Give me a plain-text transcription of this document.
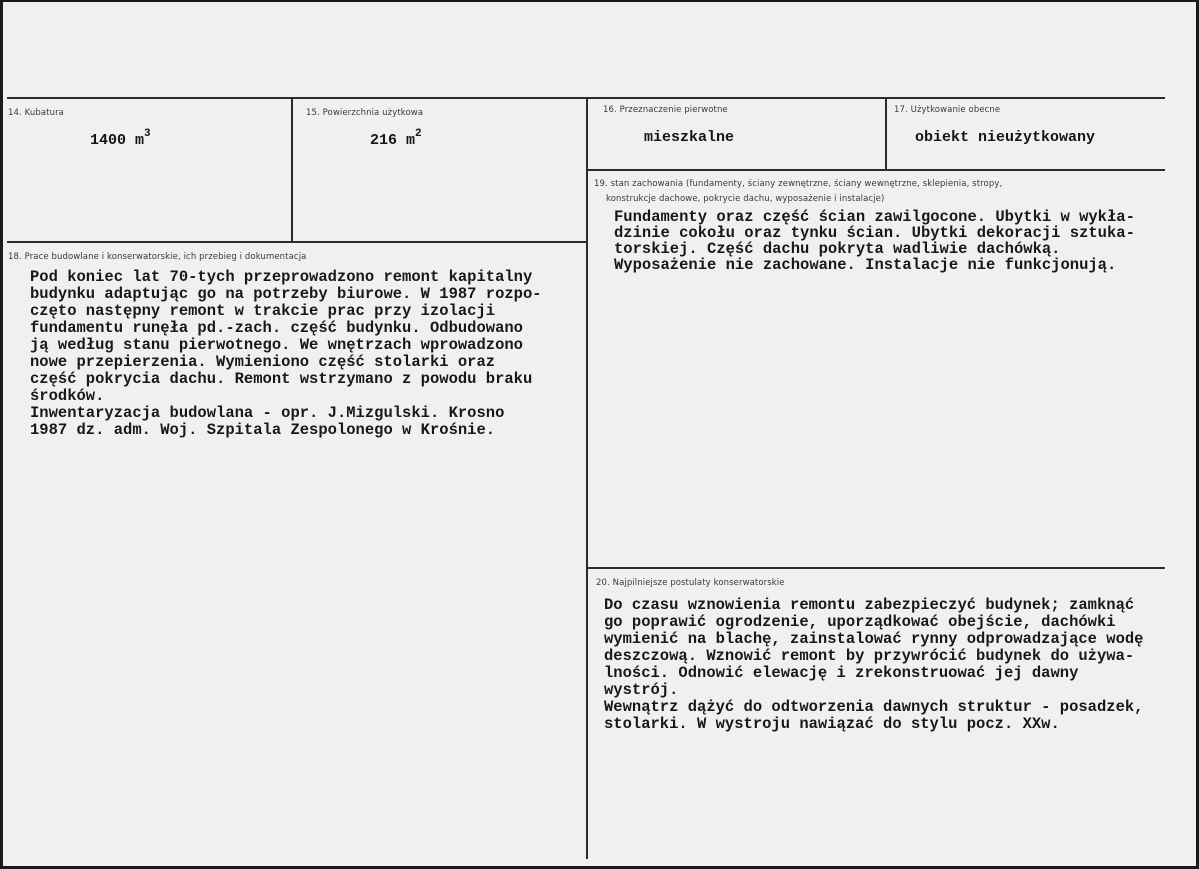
14. Kubatura
1400 $m^3$
15. Powierzchnia użytkowa
216 $m^2$
16. Przeznaczenie pierwotne
mieszkalne
17. Użytkowanie obecne
obiekt nieużytkowany
18. Prace budowlane i konserwatorskie, ich przebieg i dokumentacja
Pod koniec lat 70-tych przeprowadzono remont kapitalny
budynku adaptując go na potrzeby biurowe. W 1987 rozpo-
częto następny remont w trakcie prac przy izolacji
fundamentu runęła pd.-zach. część budynku. Odbudowano
ją według stanu pierwotnego. We wnętrzach wprowadzono
nowe przepierzenia. Wymieniono część stolarki oraz
część pokrycia dachu. Remont wstrzymano z powodu braku
środków.
Inwentaryzacja budowlana - opr. J.Mizgulski. Krosno
1987 dz. adm. Woj. Szpitala Zespolonego w Krośnie.
19. stan zachowania (fundamenty, ściany zewnętrzne, ściany wewnętrzne, sklepienia, stropy,
konstrukcje dachowe, pokrycie dachu, wyposażenie i instalacje)
Fundamenty oraz część ścian zawilgocone. Ubytki w wykła-
dzinie cokołu oraz tynku ścian. Ubytki dekoracji sztuka-
torskiej. Część dachu pokryta wadliwie dachówką.
Wyposażenie nie zachowane. Instalacje nie funkcjonują.
20. Najpilniejsze postulaty konserwatorskie
Do czasu wznowienia remontu zabezpieczyć budynek; zamknąć
go poprawić ogrodzenie, uporządkować obejście, dachówki
wymienić na blachę, zainstalować rynny odprowadzające wodę
deszczową. Wznowić remont by przywrócić budynek do używa-
lności. Odnowić elewację i zrekonstruować jej dawny
wystrój.
Wewnątrz dążyć do odtworzenia dawnych struktur - posadzek,
stolarki. W wystroju nawiązać do stylu pocz. XXw.
